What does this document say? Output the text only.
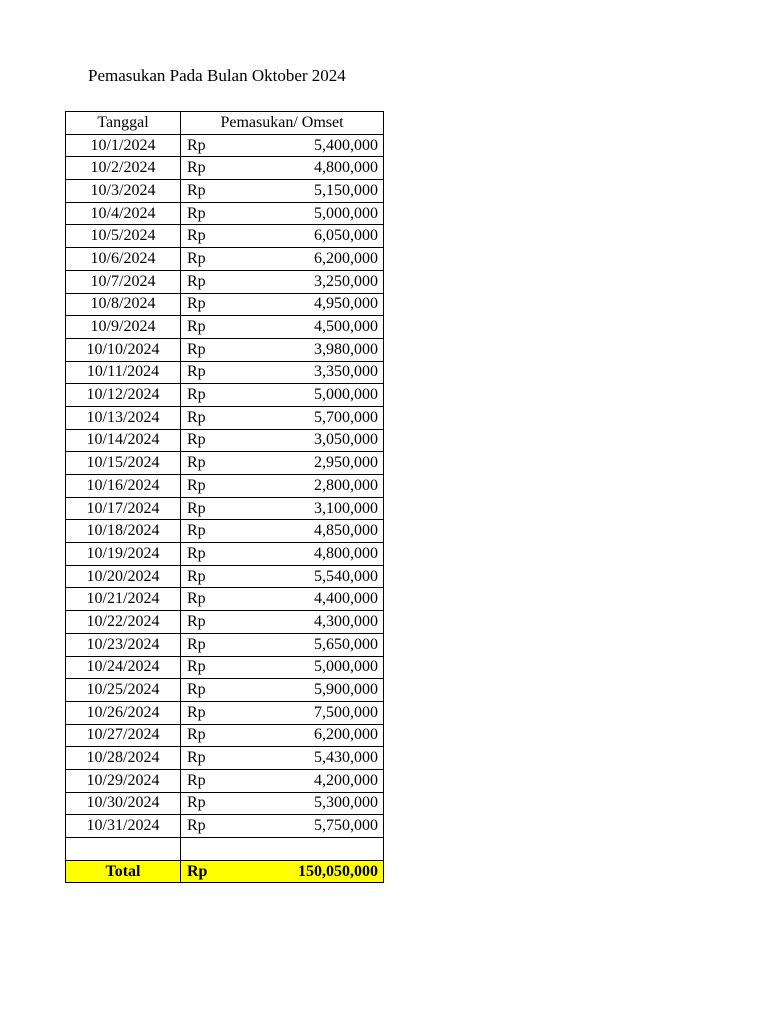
Pemasukan Pada Bulan Oktober 2024
Tanggal	Pemasukan/ Omset
10/1/2024	Rp 5,400,000

10/2/2024	Rp 4,800,000

10/3/2024	Rp 5,150,000

10/4/2024	Rp 5,000,000

10/5/2024	Rp 6,050,000

10/6/2024	Rp 6,200,000

10/7/2024	Rp 3,250,000

10/8/2024	Rp 4,950,000

10/9/2024	Rp 4,500,000

10/10/2024	Rp 3,980,000

10/11/2024	Rp 3,350,000

10/12/2024	Rp 5,000,000

10/13/2024	Rp 5,700,000

10/14/2024	Rp 3,050,000

10/15/2024	Rp 2,950,000

10/16/2024	Rp 2,800,000

10/17/2024	Rp 3,100,000

10/18/2024	Rp 4,850,000

10/19/2024	Rp 4,800,000

10/20/2024	Rp 5,540,000

10/21/2024	Rp 4,400,000

10/22/2024	Rp 4,300,000

10/23/2024	Rp 5,650,000

10/24/2024	Rp 5,000,000

10/25/2024	Rp 5,900,000

10/26/2024	Rp 7,500,000

10/27/2024	Rp 6,200,000

10/28/2024	Rp 5,430,000

10/29/2024	Rp 4,200,000

10/30/2024	Rp 5,300,000

10/31/2024	Rp 5,750,000

Total	Rp 150,050,000
